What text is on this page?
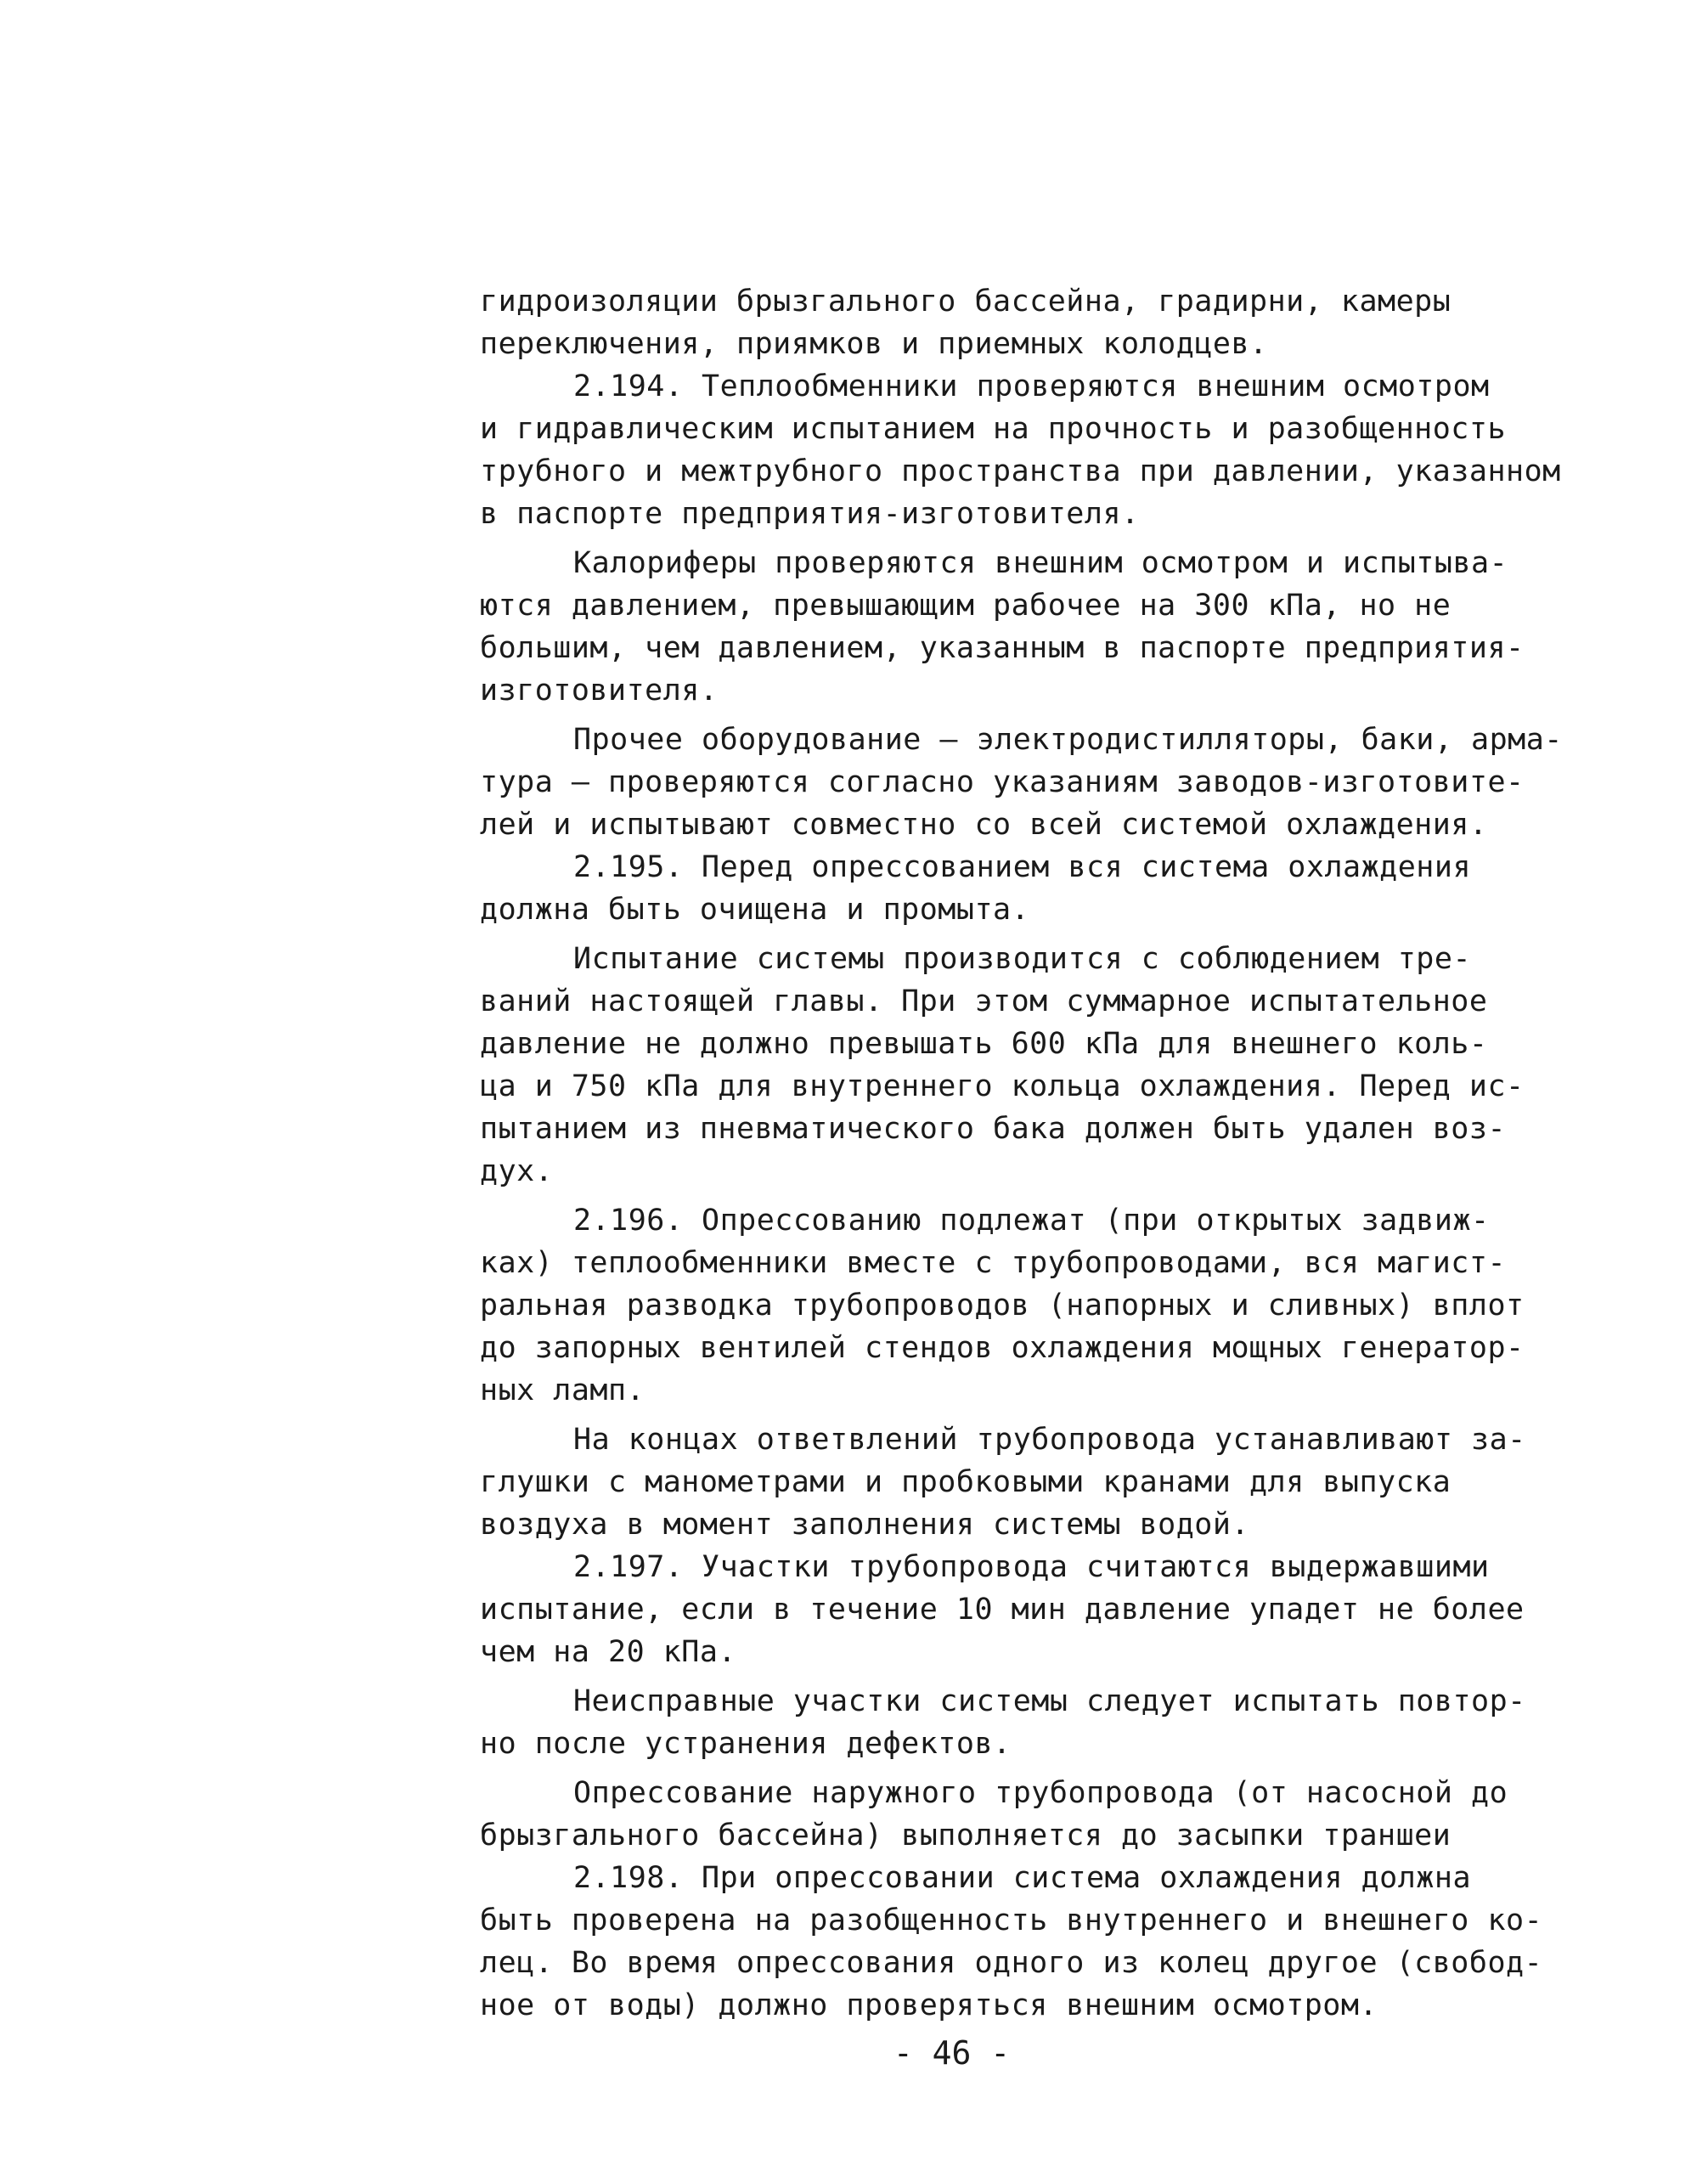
гидроизоляции брызгального бассейна, градирни, камеры
переключения, приямков и приемных колодцев.
2.194. Теплообменники проверяются внешним осмотром
и гидравлическим испытанием на прочность и разобщенность
трубного и межтрубного пространства при давлении, указанном
в паспорте предприятия-изготовителя.
Калориферы проверяются внешним осмотром и испытыва-
ются давлением, превышающим рабочее на 300 кПа, но не
большим, чем давлением, указанным в паспорте предприятия-
изготовителя.
Прочее оборудование – электродистилляторы, баки, арма-
тура – проверяются согласно указаниям заводов-изготовите-
лей и испытывают совместно со всей системой охлаждения.
2.195. Перед опрессованием вся система охлаждения
должна быть очищена и промыта.
Испытание системы производится с соблюдением тре-
ваний настоящей главы. При этом суммарное испытательное
давление не должно превышать 600 кПа для внешнего коль-
ца и 750 кПа для внутреннего кольца охлаждения. Перед ис-
пытанием из пневматического бака должен быть удален воз-
дух.
2.196. Опрессованию подлежат (при открытых задвиж-
ках) теплообменники вместе с трубопроводами, вся магист-
ральная разводка трубопроводов (напорных и сливных) вплот
до запорных вентилей стендов охлаждения мощных генератор-
ных ламп.
На концах ответвлений трубопровода устанавливают за-
глушки с манометрами и пробковыми кранами для выпуска
воздуха в момент заполнения системы водой.
2.197. Участки трубопровода считаются выдержавшими
испытание, если в течение 10 мин давление упадет не более
чем на 20 кПа.
Неисправные участки системы следует испытать повтор-
но после устранения дефектов.
Опрессование наружного трубопровода (от насосной до
брызгального бассейна) выполняется до засыпки траншеи
2.198. При опрессовании система охлаждения должна
быть проверена на разобщенность внутреннего и внешнего ко-
лец. Во время опрессования одного из колец другое (свобод-
ное от воды) должно проверяться внешним осмотром.
- 46 -
